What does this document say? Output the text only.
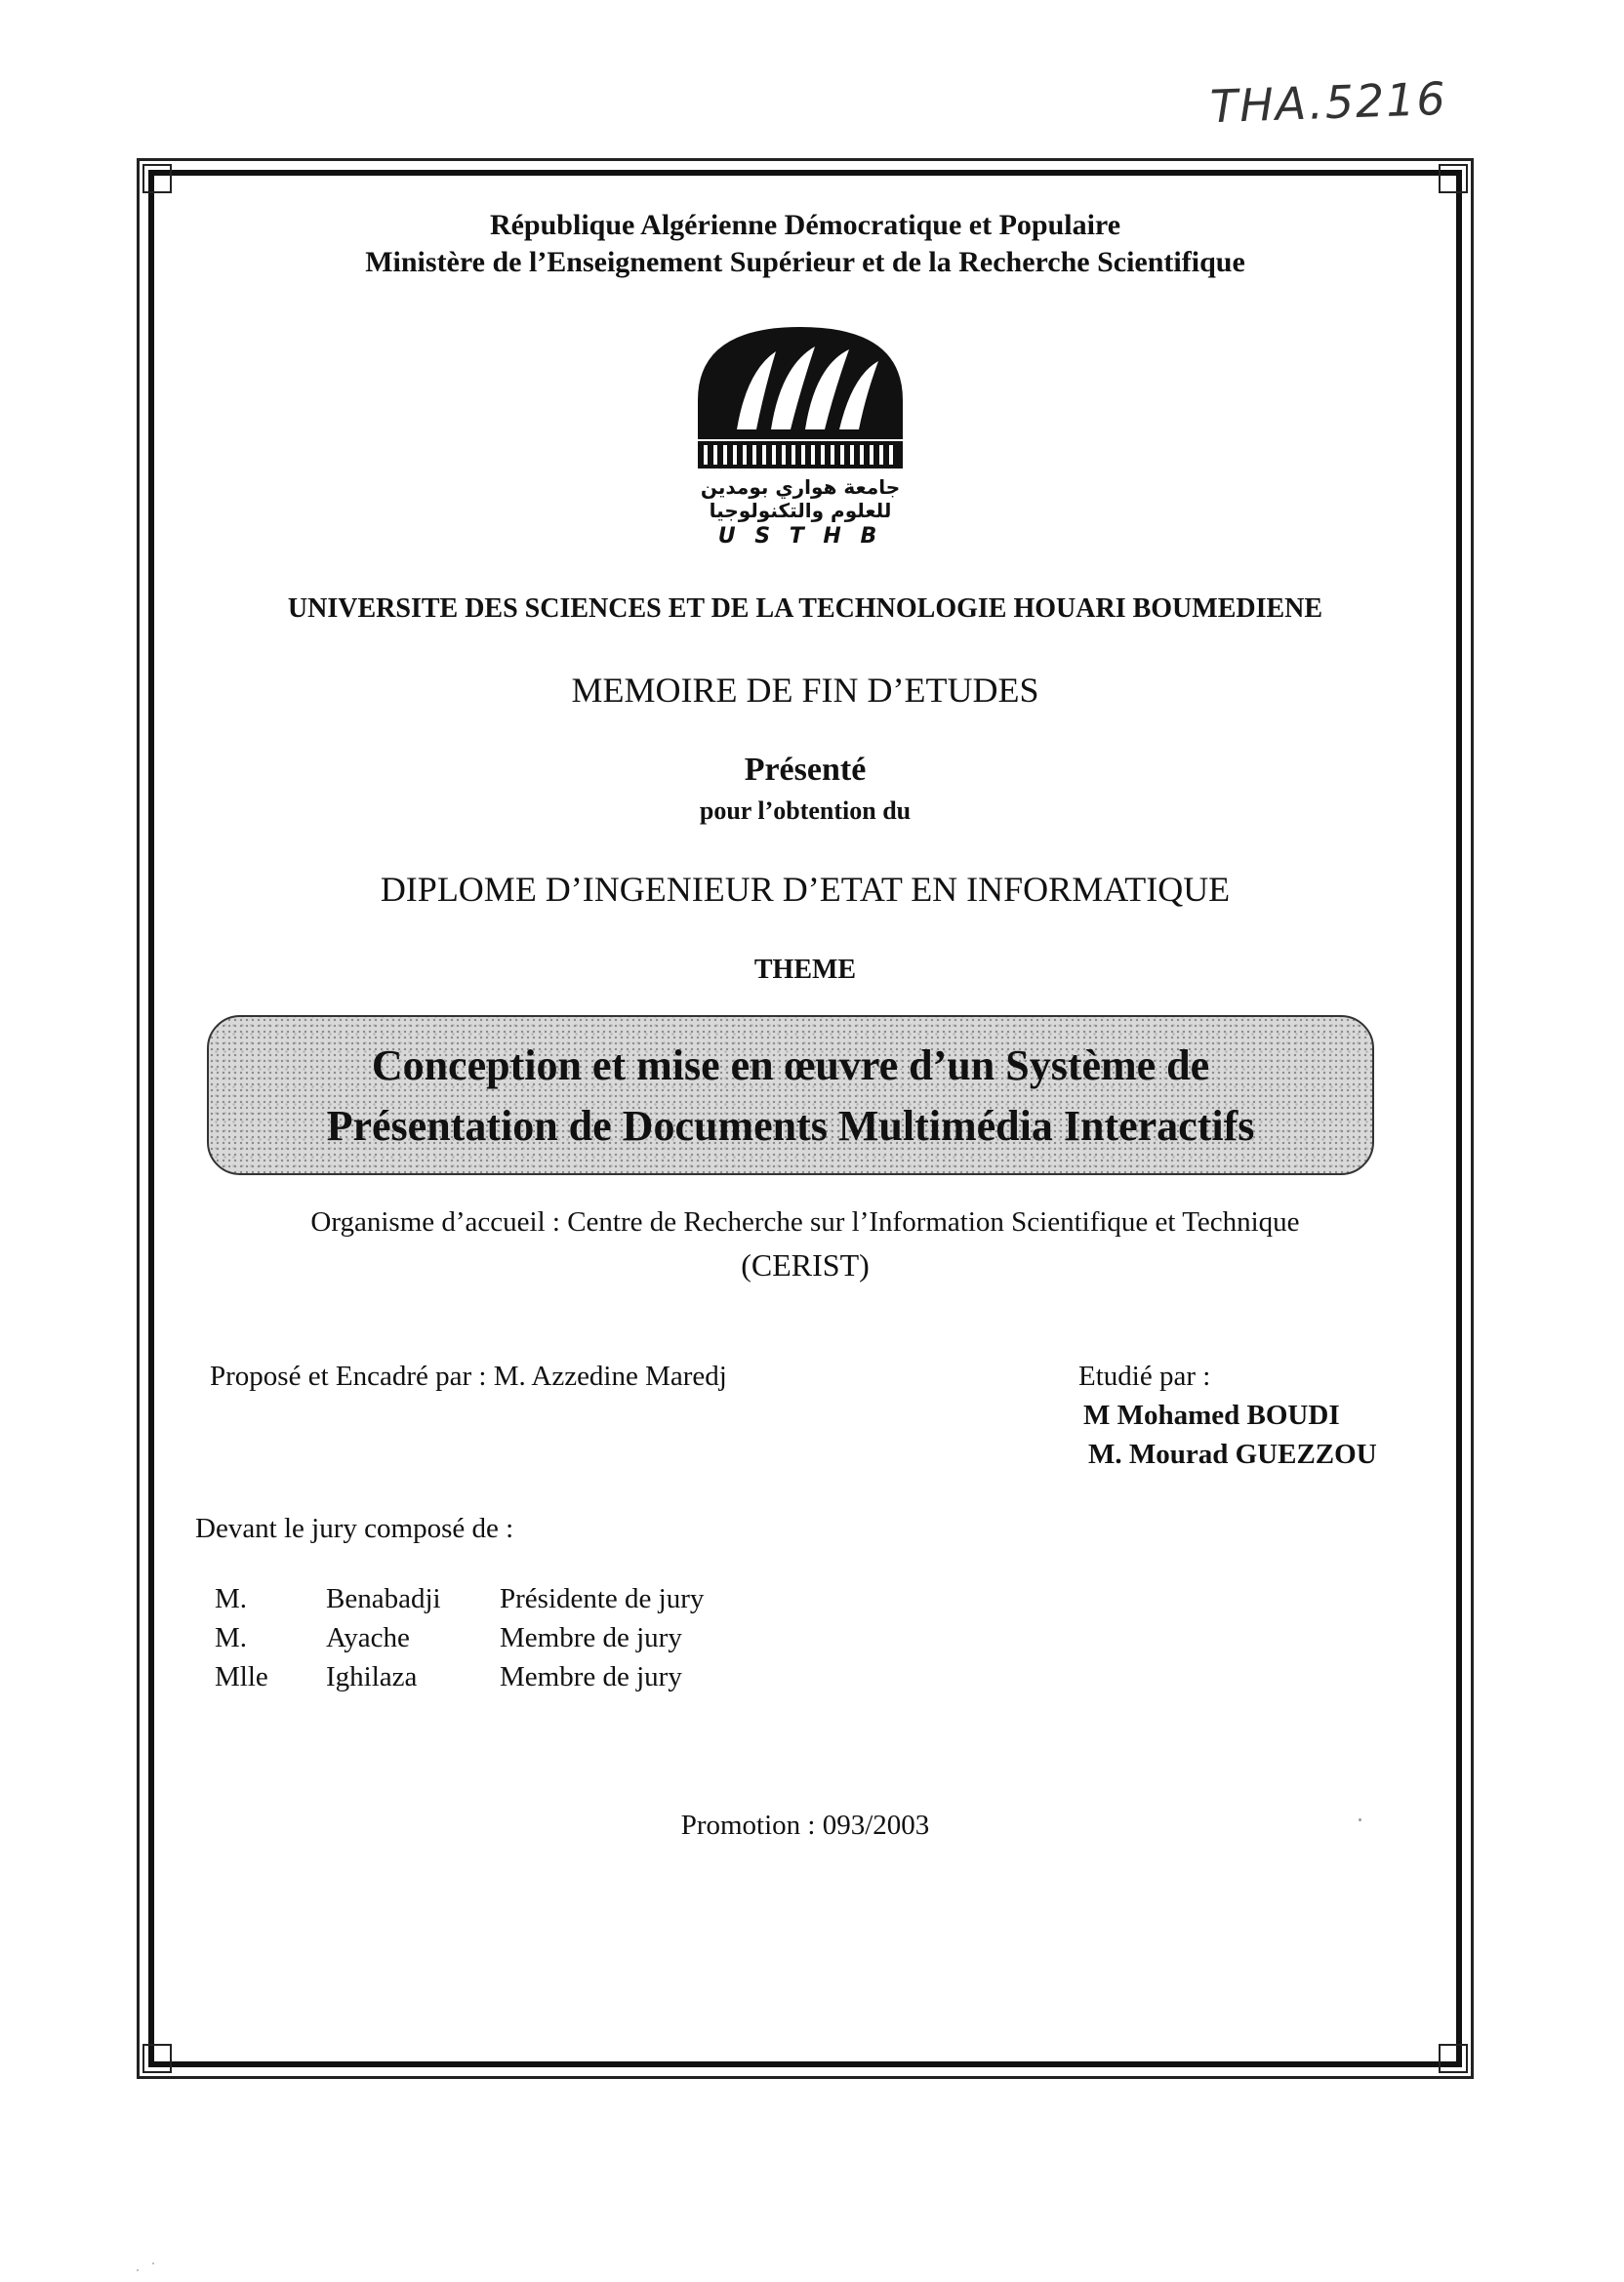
THA.5216
République Algérienne Démocratique et Populaire
Ministère de l’Enseignement Supérieur et de la Recherche Scientifique
جامعة هواري بومدين
للعلوم والتكنولوجيا
U S T H B
UNIVERSITE DES SCIENCES ET DE LA TECHNOLOGIE HOUARI BOUMEDIENE
MEMOIRE DE FIN D’ETUDES
Présenté
pour l’obtention du
DIPLOME D’INGENIEUR D’ETAT EN INFORMATIQUE
THEME
Conception et mise en œuvre d’un Système de
Présentation de Documents Multimédia Interactifs
Organisme d’accueil : Centre de Recherche sur l’Information Scientifique et Technique
(CERIST)
Proposé et Encadré par : M. Azzedine Maredj	Etudié par :
M Mohamed BOUDI
M. Mourad GUEZZOU
Devant le jury composé de :
M.	Benabadji	Présidente de jury
M.	Ayache	Membre de jury
Mlle	Ighilaza	Membre de jury
Promotion : 093/2003
